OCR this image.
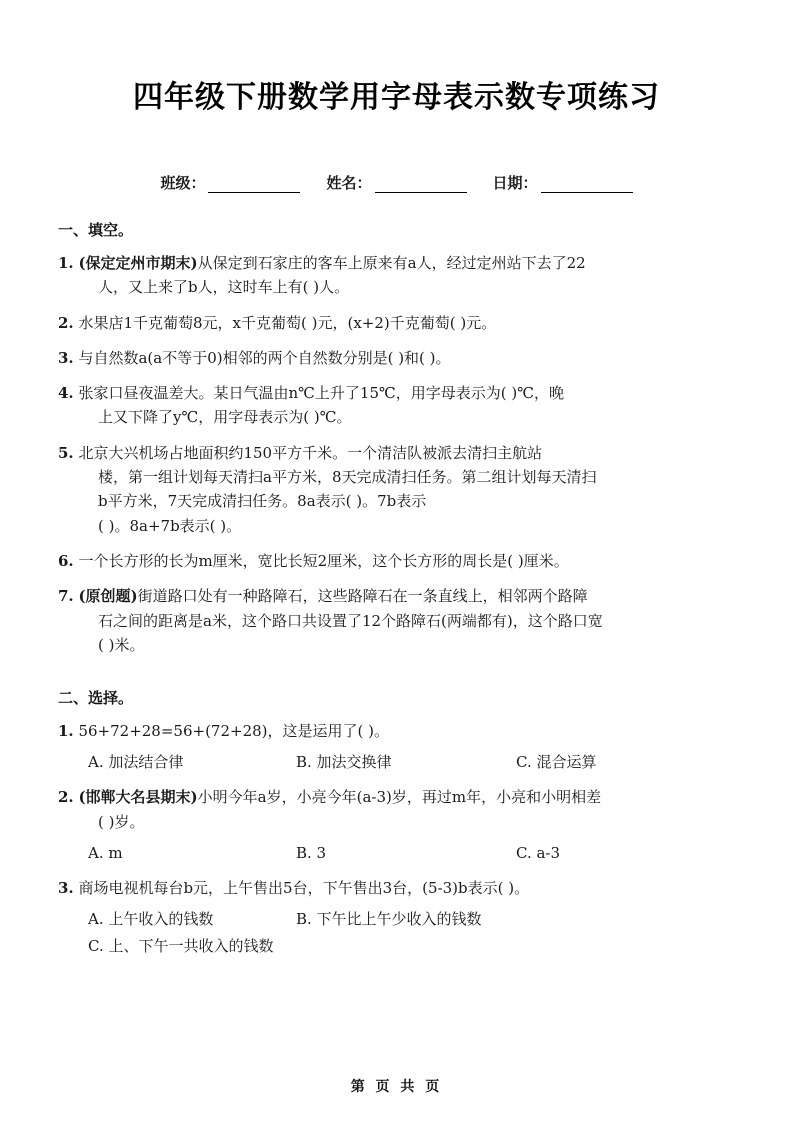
四年级下册数学用字母表示数专项练习
班级：	姓名：	日期：
一、填空。
1. (保定定州市期末)从保定到石家庄的客车上原来有a人，经过定州站下去了22
人，又上来了b人，这时车上有( )人。
2. 水果店1千克葡萄8元，x千克葡萄( )元，(x+2)千克葡萄( )元。
3. 与自然数a(a不等于0)相邻的两个自然数分别是( )和( )。
4. 张家口昼夜温差大。某日气温由n℃上升了15℃，用字母表示为( )℃，晚
上又下降了y℃，用字母表示为( )℃。
5. 北京大兴机场占地面积约150平方千米。一个清洁队被派去清扫主航站
楼，第一组计划每天清扫a平方米，8天完成清扫任务。第二组计划每天清扫
b平方米，7天完成清扫任务。8a表示( )。7b表示
( )。8a+7b表示( )。
6. 一个长方形的长为m厘米，宽比长短2厘米，这个长方形的周长是( )厘米。
7. (原创题)街道路口处有一种路障石，这些路障石在一条直线上，相邻两个路障
石之间的距离是a米，这个路口共设置了12个路障石(两端都有)，这个路口宽
( )米。
二、选择。
1. 56+72+28=56+(72+28)，这是运用了( )。
A. 加法结合律	B. 加法交换律	C. 混合运算
2. (邯郸大名县期末)小明今年a岁，小亮今年(a-3)岁，再过m年，小亮和小明相差
( )岁。
A. m	B. 3	C. a-3
3. 商场电视机每台b元，上午售出5台，下午售出3台，(5-3)b表示( )。
A. 上午收入的钱数	B. 下午比上午少收入的钱数
C. 上、下午一共收入的钱数
第 页 共 页
